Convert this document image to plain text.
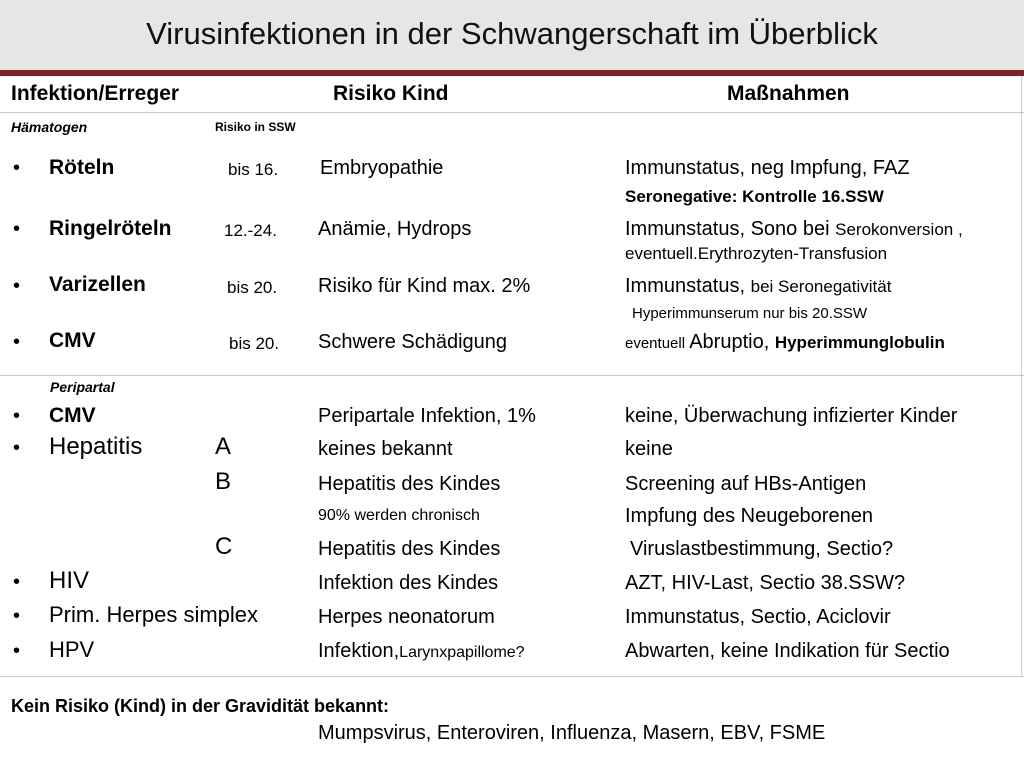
Virusinfektionen in der Schwangerschaft im Überblick
Infektion/Erreger	Risiko Kind	Maßnahmen
Hämatogen	Risiko in SSW
• Röteln	bis 16. Embryopathie	Immunstatus, neg Impfung, FAZ
Seronegative: Kontrolle 16.SSW
• Ringelröteln	12.-24. Anämie, Hydrops	Immunstatus, Sono bei Serokonversion ,
eventuell.Erythrozyten-Transfusion
• Varizellen	bis 20. Risiko für Kind max. 2%	Immunstatus, bei Seronegativität
Hyperimmunserum nur bis 20.SSW
• CMV	bis 20. Schwere Schädigung	eventuell Abruptio, Hyperimmunglobulin
Peripartal
• CMV	Peripartale Infektion, 1%	keine, Überwachung infizierter Kinder
• Hepatitis	A	keines bekannt	keine
B	Hepatitis des Kindes	Screening auf HBs-Antigen
90% werden chronisch	Impfung des Neugeborenen
C	Hepatitis des Kindes	Viruslastbestimmung, Sectio?
• HIV	Infektion des Kindes	AZT, HIV-Last, Sectio 38.SSW?
• Prim. Herpes simplex	Herpes neonatorum	Immunstatus, Sectio, Aciclovir
• HPV	Infektion,Larynxpapillome?	Abwarten, keine Indikation für Sectio
Kein Risiko (Kind) in der Gravidität bekannt:
Mumpsvirus, Enteroviren, Influenza, Masern, EBV, FSME
